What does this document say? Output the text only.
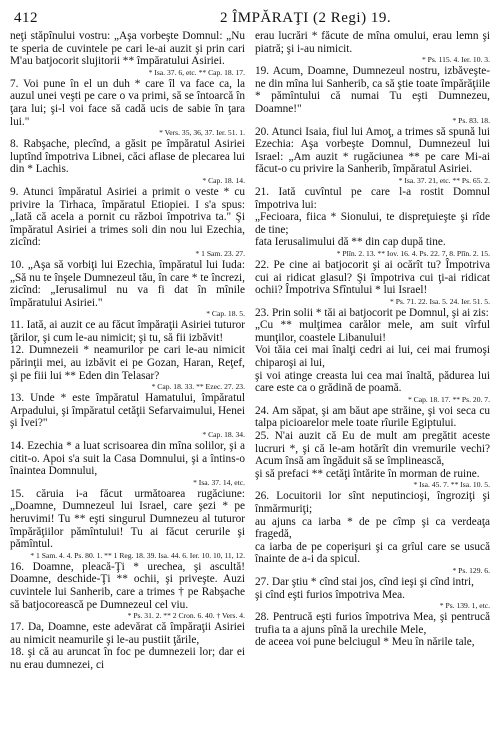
412	2 ÎMPĂRAŢI (2 Regi) 19.

neţi stăpînului vostru: „Aşa vorbeşte Domnul: „Nu te speria de cuvintele pe cari le-ai auzit şi prin cari M'au batjocorit slujitorii ** împăratului Asiriei.

* Isa. 37. 6, etc. ** Cap. 18. 17.

7. Voi pune în el un duh * care îl va face ca, la auzul unei veşti pe care o va primi, să se întoarcă în ţara lui; şi-l voi face să cadă ucis de sabie în ţara lui."

* Vers. 35, 36, 37. Ier. 51. 1.

8. Rabşache, plecînd, a găsit pe împăratul Asiriei luptînd împotriva Libnei, căci aflase de plecarea lui din * Lachis.

* Cap. 18. 14.

9. Atunci împăratul Asiriei a primit o veste * cu privire la Tirhaca, împăratul Etiopiei. I s'a spus: „Iată că acela a pornit cu război împotriva ta." Şi împăratul Asiriei a trimes soli din nou lui Ezechia, zicînd:

* 1 Sam. 23. 27.

10. „Aşa să vorbiţi lui Ezechia, împăratul lui Iuda: „Să nu te înşele Dumnezeul tău, în care * te încrezi, zicînd: „Ierusalimul nu va fi dat în mînile împăratului Asiriei."

* Cap. 18. 5.

11. Iată, ai auzit ce au făcut împăraţii Asiriei tuturor ţărilor, şi cum le-au nimicit; şi tu, să fii izbăvit!

12. Dumnezeii * neamurilor pe cari le-au nimicit părinţii mei, au izbăvit ei pe Gozan, Haran, Reţef, şi pe fiii lui ** Eden din Telasar?

* Cap. 18. 33. ** Ezec. 27. 23.

13. Unde * este împăratul Hamatului, împăratul Arpadului, şi împăratul cetăţii Sefarvaimului, Henei şi Ivei?"

* Cap. 18. 34.

14. Ezechia * a luat scrisoarea din mîna solilor, şi a citit-o. Apoi s'a suit la Casa Domnului, şi a întins-o înaintea Domnului,

* Isa. 37. 14, etc.

15. căruia i-a făcut următoarea rugăciune: „Doamne, Dumnezeul lui Israel, care şezi * pe heruvimi! Tu ** eşti singurul Dumnezeu al tuturor împărăţiilor pămîntului! Tu ai făcut cerurile şi pămîntul.

* 1 Sam. 4. 4. Ps. 80. 1. ** 1 Reg. 18. 39. Isa. 44. 6. Ier. 10. 10, 11, 12.

16. Doamne, pleacă-Ţi * urechea, şi ascultă! Doamne, deschide-Ţi ** ochii, şi priveşte. Auzi cuvintele lui Sanherib, care a trimes † pe Rabşache să batjocorească pe Dumnezeul cel viu.

* Ps. 31. 2. ** 2 Cron. 6. 40. † Vers. 4.

17. Da, Doamne, este adevărat că împăraţii Asiriei au nimicit neamurile şi le-au pustiit ţările,

18. şi că au aruncat în foc pe dumnezeii lor; dar ei nu erau dumnezei, ci

erau lucrări * făcute de mîna omului, erau lemn şi piatră; şi i-au nimicit.

* Ps. 115. 4. Ier. 10. 3.

19. Acum, Doamne, Dumnezeul nostru, izbăveşte-ne din mîna lui Sanherib, ca să ştie toate împărăţiile * pămîntului că numai Tu eşti Dumnezeu, Doamne!"

* Ps. 83. 18.

20. Atunci Isaia, fiul lui Amoţ, a trimes să spună lui Ezechia: Aşa vorbeşte Domnul, Dumnezeul lui Israel: „Am auzit * rugăciunea ** pe care Mi-ai făcut-o cu privire la Sanherib, împăratul Asiriei.

* Isa. 37. 21, etc. ** Ps. 65. 2.

21. Iată cuvîntul pe care l-a rostit Domnul împotriva lui:

„Fecioara, fiica * Sionului, te dispreţuieşte şi rîde de tine;

fata Ierusalimului dă ** din cap după tine.

* Plîn. 2. 13. ** Iov. 16. 4. Ps. 22. 7, 8. Plîn. 2. 15.

22. Pe cine ai batjocorit şi ai ocărît tu? Împotriva cui ai ridicat glasul? Şi împotriva cui ţi-ai ridicat ochii? Împotriva Sfîntului * lui Israel!

* Ps. 71. 22. Isa. 5. 24. Ier. 51. 5.

23. Prin solii * tăi ai batjocorit pe Domnul, şi ai zis:

„Cu ** mulţimea carălor mele, am suit vîrful munţilor, coastele Libanului!

Voi tăia cei mai înalţi cedri ai lui, cei mai frumoşi chiparoşi ai lui,

şi voi atinge creasta lui cea mai înaltă, pădurea lui care este ca o grădină de poamă.

* Cap. 18. 17. ** Ps. 20. 7.

24. Am săpat, şi am băut ape străine, şi voi seca cu talpa picioarelor mele toate rîurile Egiptului.

25. N'ai auzit că Eu de mult am pregătit aceste lucruri *, şi că le-am hotărît din vremurile vechi? Acum însă am îngăduit să se împlinească,

şi să prefaci ** cetăţi întărite în morman de ruine.

* Isa. 45. 7. ** Isa. 10. 5.

26. Locuitorii lor sînt neputincioşi, îngroziţi şi înmărmuriţi;

au ajuns ca iarba * de pe cîmp şi ca verdeaţa fragedă,

ca iarba de pe coperişuri şi ca grîul care se usucă înainte de a-i da spicul.

* Ps. 129. 6.

27. Dar ştiu * cînd stai jos, cînd ieşi şi cînd intri,

şi cînd eşti furios împotriva Mea.

* Ps. 139. 1, etc.

28. Pentrucă eşti furios împotriva Mea, şi pentrucă trufia ta a ajuns pînă la urechile Mele,

de aceea voi pune belciugul * Meu în nările tale,
